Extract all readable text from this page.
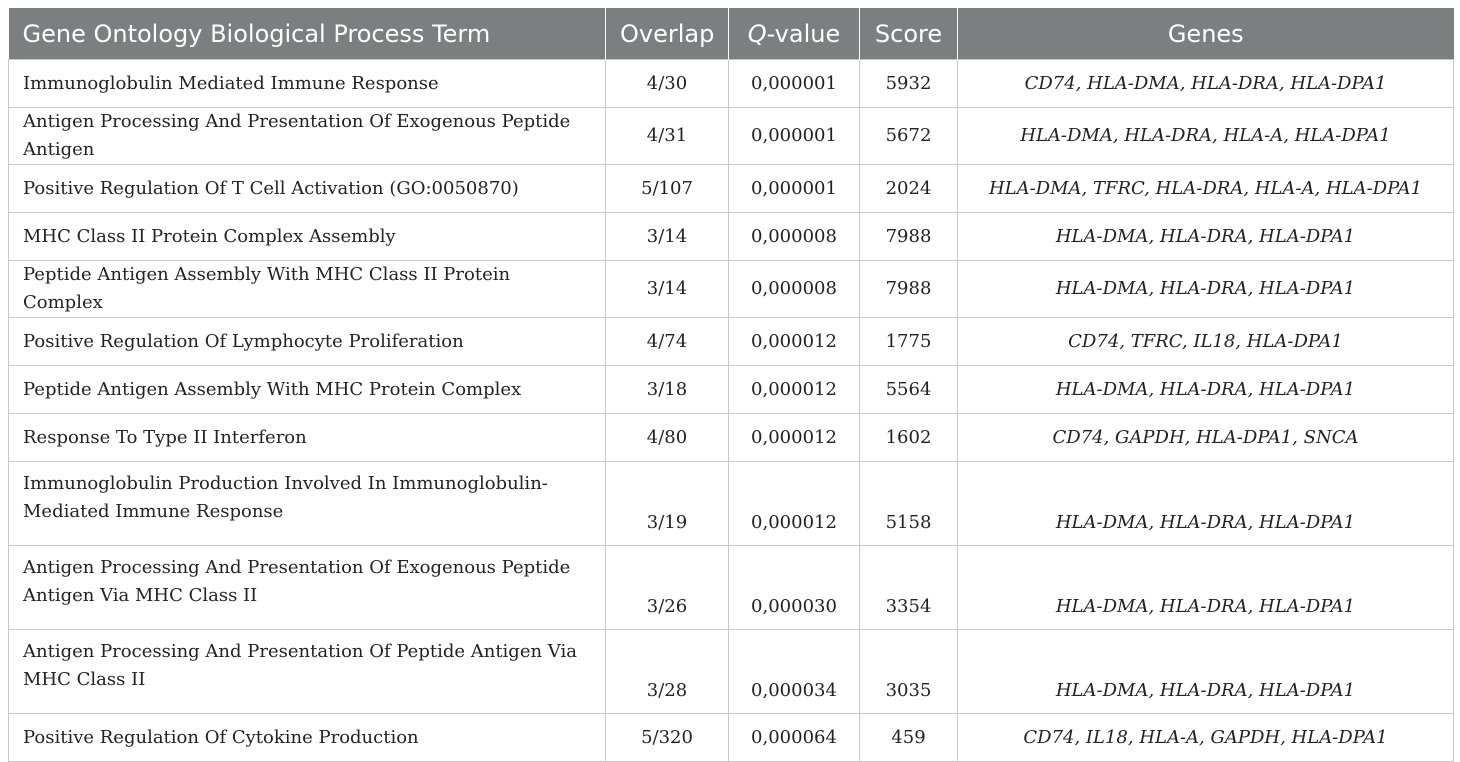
Gene Ontology Biological Process Term	Overlap	Q-value	Score	Genes
Immunoglobulin Mediated Immune Response	4/30	0,000001	5932	CD74, HLA-DMA, HLA-DRA, HLA-DPA1
Antigen Processing And Presentation Of Exogenous Peptide Antigen	4/31	0,000001	5672	HLA-DMA, HLA-DRA, HLA-A, HLA-DPA1
Positive Regulation Of T Cell Activation (GO:0050870)	5/107	0,000001	2024	HLA-DMA, TFRC, HLA-DRA, HLA-A, HLA-DPA1
MHC Class II Protein Complex Assembly	3/14	0,000008	7988	HLA-DMA, HLA-DRA, HLA-DPA1
Peptide Antigen Assembly With MHC Class II Protein Complex	3/14	0,000008	7988	HLA-DMA, HLA-DRA, HLA-DPA1
Positive Regulation Of Lymphocyte Proliferation	4/74	0,000012	1775	CD74, TFRC, IL18, HLA-DPA1
Peptide Antigen Assembly With MHC Protein Complex	3/18	0,000012	5564	HLA-DMA, HLA-DRA, HLA-DPA1
Response To Type II Interferon	4/80	0,000012	1602	CD74, GAPDH, HLA-DPA1, SNCA
Immunoglobulin Production Involved In Immunoglobulin-Mediated Immune Response	3/19	0,000012	5158	HLA-DMA, HLA-DRA, HLA-DPA1
Antigen Processing And Presentation Of Exogenous Peptide Antigen Via MHC Class II	3/26	0,000030	3354	HLA-DMA, HLA-DRA, HLA-DPA1
Antigen Processing And Presentation Of Peptide Antigen Via MHC Class II	3/28	0,000034	3035	HLA-DMA, HLA-DRA, HLA-DPA1
Positive Regulation Of Cytokine Production	5/320	0,000064	459	CD74, IL18, HLA-A, GAPDH, HLA-DPA1
